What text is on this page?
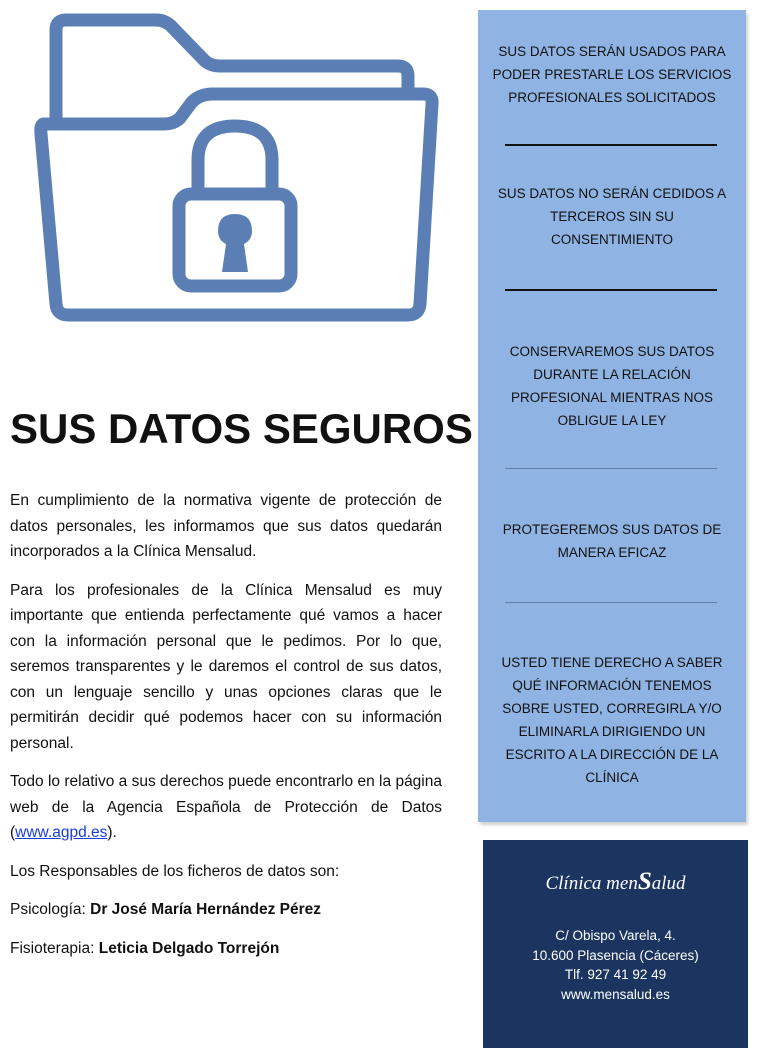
SUS DATOS SEGUROS

En cumplimiento de la normativa vigente de protección de datos personales, les informamos que sus datos quedarán incorporados a la Clínica Mensalud.

Para los profesionales de la Clínica Mensalud es muy importante que entienda perfectamente qué vamos a hacer con la información personal que le pedimos. Por lo que, seremos transparentes y le daremos el control de sus datos, con un lenguaje sencillo y unas opciones claras que le permitirán decidir qué podemos hacer con su información personal.

Todo lo relativo a sus derechos puede encontrarlo en la página web de la Agencia Española de Protección de Datos (www.agpd.es).

Los Responsables de los ficheros de datos son:

Psicología: Dr José María Hernández Pérez

Fisioterapia: Leticia Delgado Torrejón

SUS DATOS SERÁN USADOS PARA PODER PRESTARLE LOS SERVICIOS PROFESIONALES SOLICITADOS
SUS DATOS NO SERÁN CEDIDOS A TERCEROS SIN SU CONSENTIMIENTO
CONSERVAREMOS SUS DATOS DURANTE LA RELACIÓN PROFESIONAL MIENTRAS NOS OBLIGUE LA LEY
PROTEGEREMOS SUS DATOS DE MANERA EFICAZ
USTED TIENE DERECHO A SABER QUÉ INFORMACIÓN TENEMOS SOBRE USTED, CORREGIRLA Y/O ELIMINARLA DIRIGIENDO UN ESCRITO A LA DIRECCIÓN DE LA CLÍNICA
Clínica menSalud
C/ Obispo Varela, 4.
10.600 Plasencia (Cáceres)
Tlf. 927 41 92 49
www.mensalud.es
